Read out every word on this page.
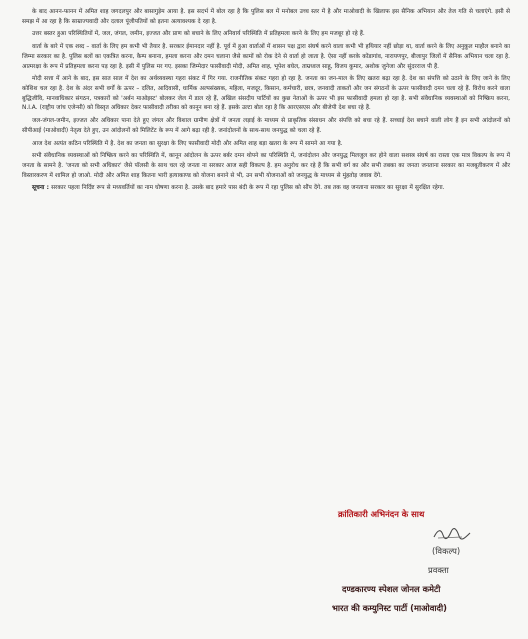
के बाद आनन-फानन में अमित शाह जगदलपुर और बासागुड़ेम आया है. इस सदर्भ में बोल रहा है कि पुलिस बल में मनोबल उच्च स्तर में है और माओवादी के खिलाफ इस सैनिक अभियान और तेज गति से चलाएंगे. इसी से समझ में आ रहा है कि साम्राज्यवादी और दलाल पूंजीपतियों को इतना अत्यावश्यक दे रहा है.

उत्तर बस्तर हुआ परिस्थितियों में, जल, जंगल, जमीन, इज्जत और प्राण को बचाने के लिए अनिवार्य परिस्थिति में प्रतिहमला करने के लिए हम मजबूर हो रहे हैं.

वार्ता के बारे में एक शब्द – वार्ता के लिए हम कभी भी तैयार है. सरकार ईमानदार नहीं है. पूर्व में हुआ वार्ताओं में शासन पक्ष द्वारा संघर्ष करने वाला कभी भी हथियार नहीं छोड़ा था, वार्ता करने के लिए अनुकूल माहौल बनाने का जिम्मा सरकार का है. पुलिस बलों का एकत्रित करना, कैम्प बनाना, हमला करना और दमन चलाना जैसे कामों को रोक देने से वार्ता हो जाता है. ऐसा नहीं करके कोंडागांव, नारायणपुर, बीजापुर जिलों में सैनिक अभियान चला रहा है. आत्मरक्षा के रूप में प्रतिहमला करना पड़ रहा है. इसी में पुलिस मर गए. इसका जिम्मेदार फासीवादी मोदी, अमित शाह, भूपेश बघेल, ताम्रध्वज साहू, विजय कुमार, अशोक जुनेजा और सुंदरराज पी हैं.

मोदी सत्ता में आने के बाद, इस सात साल में देश का अर्थव्यवस्था गहरा संकट में गिर गया. राजनीतिक संकट गहरा हो रहा है. जनता का जन-माल के लिए खतरा बढ़ा रहा है. देश का संपत्ति को उठाने के लिए जाने के लिए कोशिश चल रहा है. देश के अंदर सभी वर्गों के ऊपर – दलित, आदिवासी, धार्मिक अल्पसंख्यक, महिला, मजदूर, किसान, कर्मचारी, छात्र, जनवादी ताकतों और जन संगठनों के ऊपर फासीवादी दमन चला रहे हैं. विरोध करने वाला बुद्धिजीवि, मानवाधिकार संगठन, पत्रकारों को 'अर्बन माओइस्ट' बोलकर जेल में डाल रहे हैं, अखिल संसदीय पार्टियों का कुछ नेताओं के ऊपर भी इस फासीवादी हमला हो रहा है. सभी संवैधानिक व्यवस्थाओं को निष्क्रिय करना, N.I.A. (राष्ट्रीय जांच एजेन्सी) को विस्तृत अधिकार देकर फासीवादी तरीका को कानून बना रहे हैं. इसके उल्टा बोल रहा है कि आरएसएस और बीजेपी देश बचा रहे हैं.

जल-जंगल-जमीन, इज्जत और अधिकार पाना देते हुए जंगल और विशाल ग्रामीण क्षेत्रों में जनता लड़ाई के माध्यम से प्राकृतिक संसाधन और संपत्ति को बचा रहे हैं. सच्चाई देश बचाने वाली लोग हैं इन सभी आंदोलनों को सीपीआई (माओवादी) नेतृत्व देते हुए, उन आंदोलनों को मिलिटेंट के रूप में आगे बढ़ा रही है. जनांदोलनों के साथ-साथ जनयुद्ध को चला रहे हैं.

आज देश अत्यंत कठिन परिस्थिति में है. देश का जनता का सुरक्षा के लिए फासीवादी मोदी और अमित शाह बड़ा खतरा के रूप में सामने आ गया है.

सभी संवैधानिक व्यवस्थाओं को निष्क्रिय करने का परिस्थिति में, कानून आंदोलन के ऊपर बर्बर दमन थोपने का परिस्थिति में, जनांदोलन और जनयुद्ध मिलजुल कर होने वाला सशस्त्र संघर्ष का रास्ता एक मात्र विकल्प के रूप में जनता के सामने है. 'जनता को सभी अधिकार' जैसे पॉलसी के साथ चल रहे जनता ना सरकार आज सही विकल्प है. हम अनुरोध कर रहे हैं कि सभी वर्ग का और सभी तबका का जनता जनताना सरकार का मजबूतीकरण में और विस्तारकरण में शामिल हो जाओ. मोदी और अमित शाह कितना भारी हत्याकाण्ड को योजना बनाने से भी, उन सभी योजनाओं को जनयुद्ध के माध्यम से मुंहतोड़ जवाब देंगे.

सूचना : सरकार पहला निर्दिष्ट रूप से मध्यवर्तियों का नाम घोषणा करना है. उसके बाद हमारे पास बंदी के रूप में रहा पुलिस को सौंप देंगे. तब तक वह जनताना सरकार का सुरक्षा में सुरक्षित रहेगा.

क्रांतिकारी अभिनंदन के साथ
(विकल्प)
प्रवक्ता
दण्डकारण्य स्पेशल जोनल कमेटी
भारत की कम्युनिस्ट पार्टी (माओवादी)
